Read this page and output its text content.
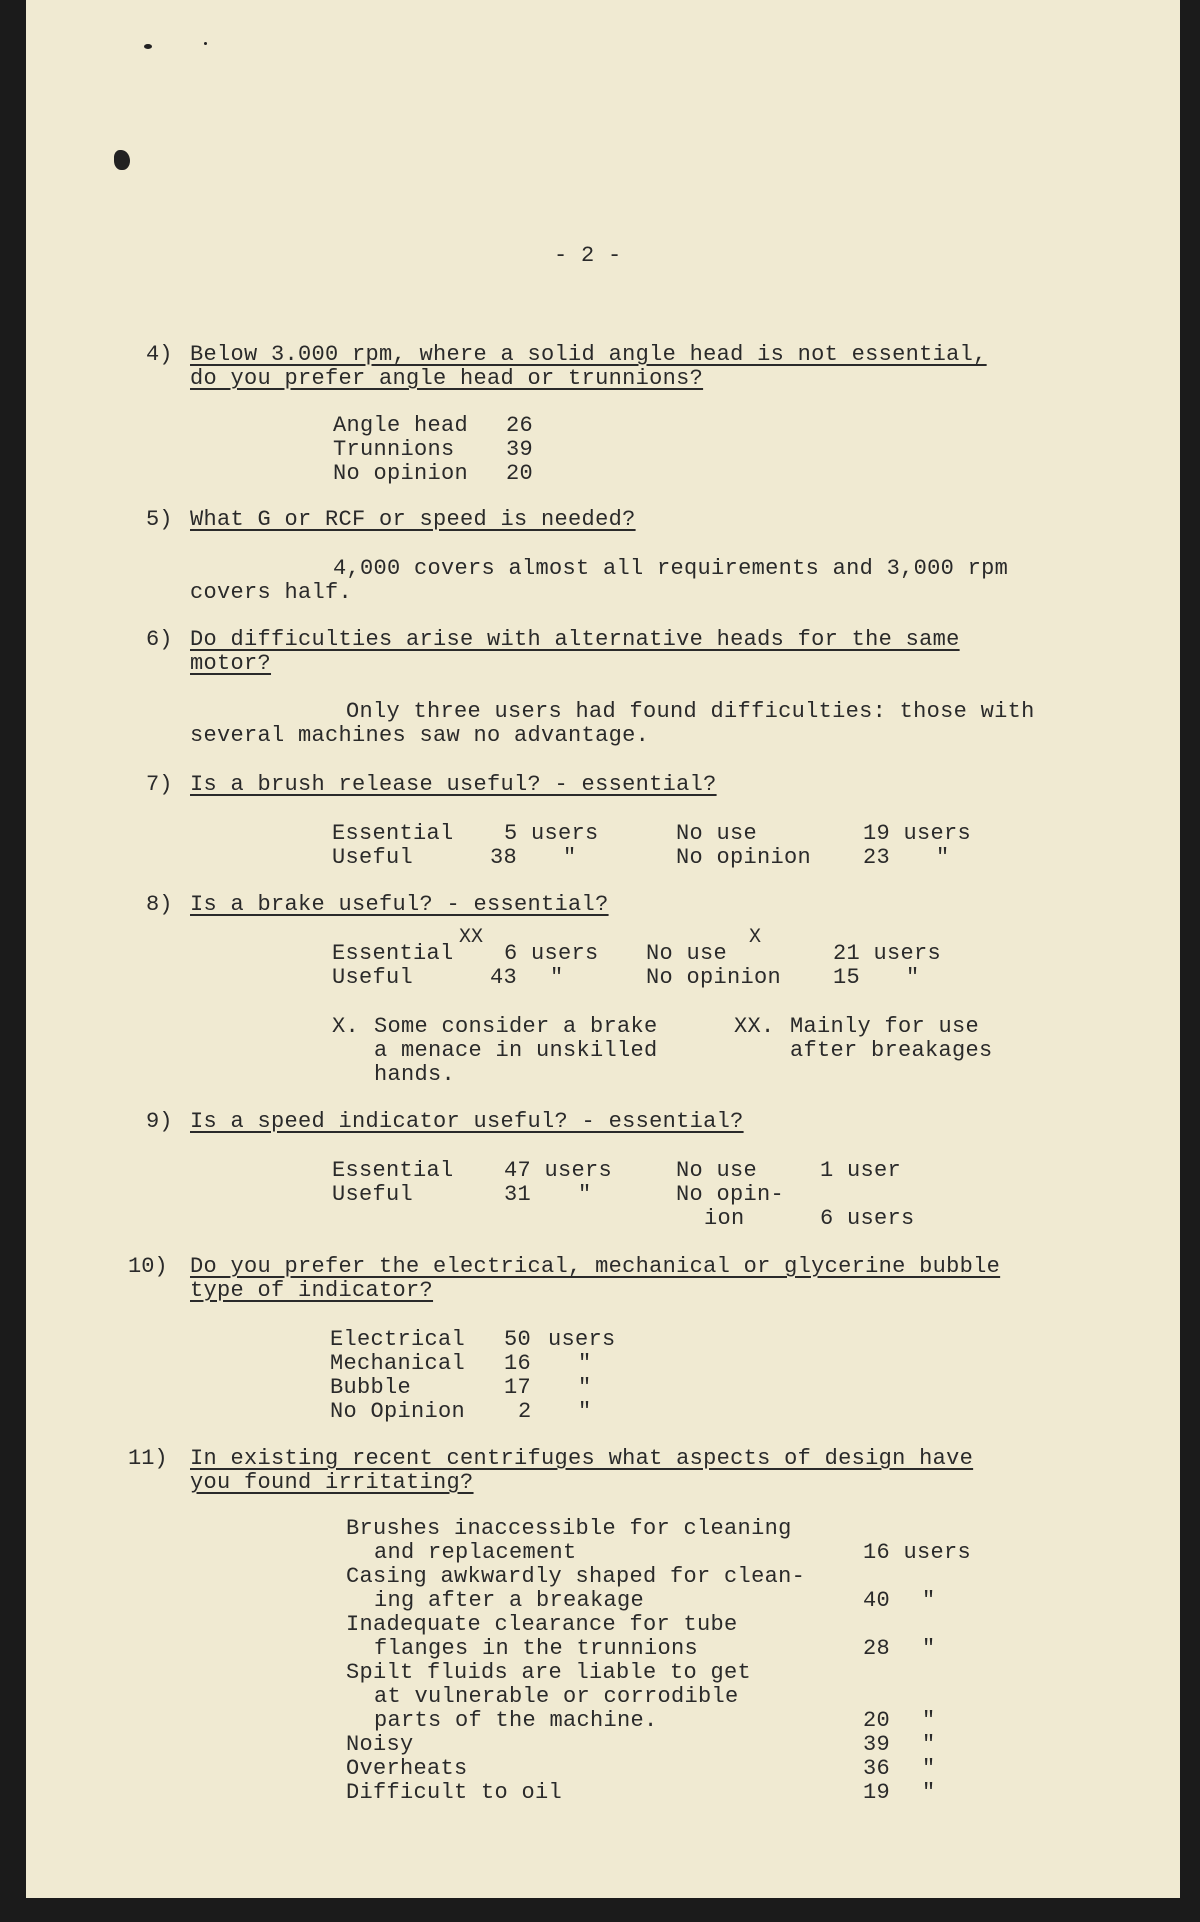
- 2 -
4) Below 3.000 rpm, where a solid angle head is not essential,
do you prefer angle head or trunnions?
Angle head 26
Trunnions 39
No opinion 20
5) What G or RCF or speed is needed?
4,000 covers almost all requirements and 3,000 rpm
covers half.
6) Do difficulties arise with alternative heads for the same
motor?
Only three users had found difficulties: those with
several machines saw no advantage.
7) Is a brush release useful? - essential?
Essential 5 users	No use	19 users
Useful	38 "	No opinion 23 "
8) Is a brake useful? - essential?
XX	X
Essential 6 users No use	21 users
Useful	43 "	No opinion 15 "
X. Some consider a brake
a menace in unskilled
hands.
XX. Mainly for use
after breakages
9) Is a speed indicator useful? - essential?
Essential 47 users	No use	1 user
Useful	31 "	No opin-
ion	6 users
10) Do you prefer the electrical, mechanical or glycerine bubble
type of indicator?
Electrical 50 users
Mechanical 16 "
Bubble	17 "
No Opinion 2 "
11) In existing recent centrifuges what aspects of design have
you found irritating?
Brushes inaccessible for cleaning
and replacement	16 users
Casing awkwardly shaped for clean-
ing after a breakage	40 "
Inadequate clearance for tube
flanges in the trunnions	28 "
Spilt fluids are liable to get
at vulnerable or corrodible
parts of the machine.	20 "
Noisy	39 "
Overheats	36 "
Difficult to oil	19 "
